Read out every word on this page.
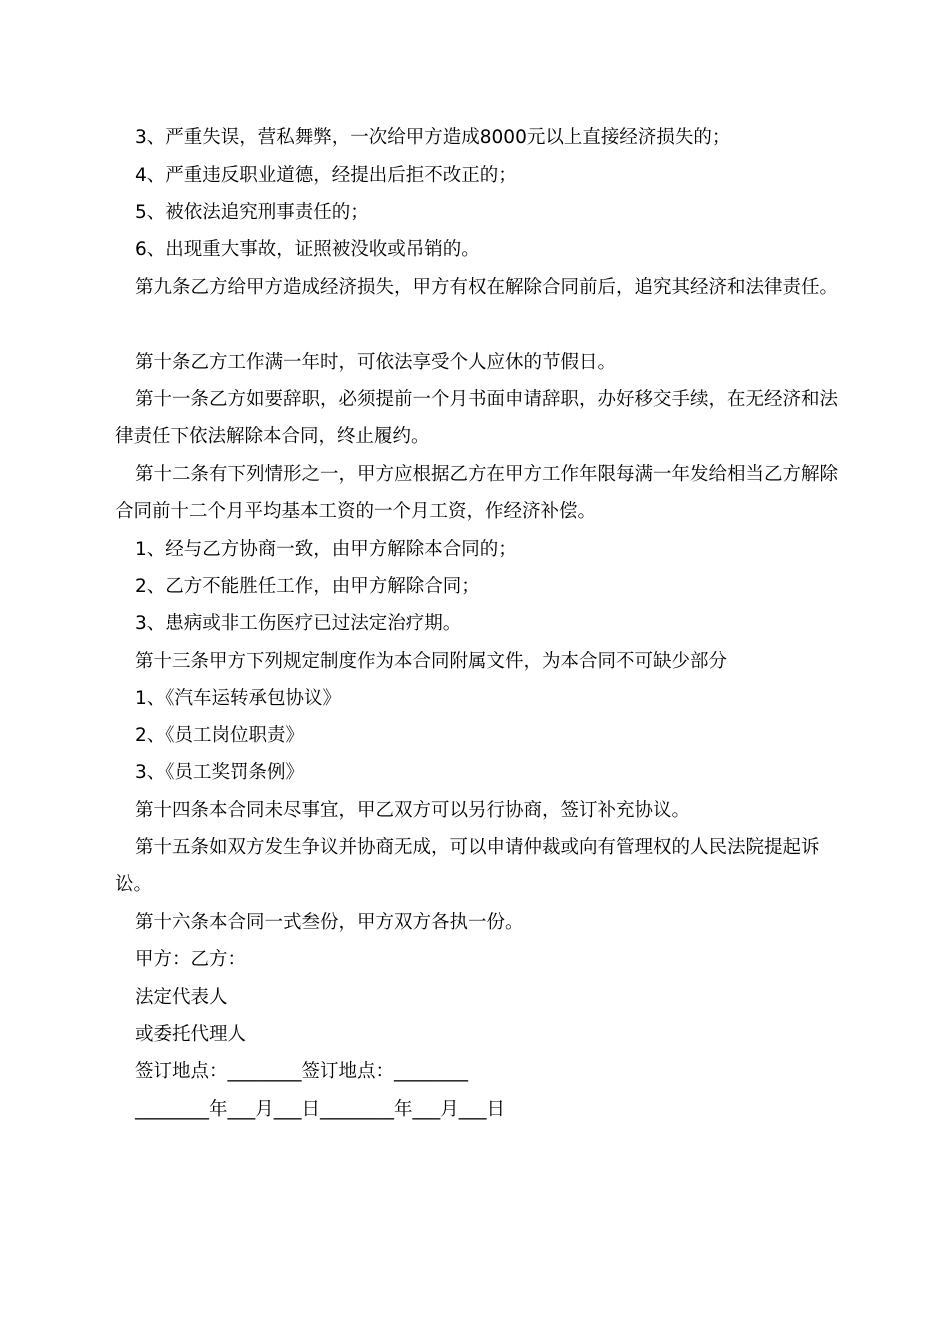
3、严重失误，营私舞弊，一次给甲方造成8000元以上直接经济损失的；
4、严重违反职业道德，经提出后拒不改正的；
5、被依法追究刑事责任的；
6、出现重大事故，证照被没收或吊销的。
第九条乙方给甲方造成经济损失，甲方有权在解除合同前后，追究其经济和法律责任。
第十条乙方工作满一年时，可依法享受个人应休的节假日。
第十一条乙方如要辞职，必须提前一个月书面申请辞职，办好移交手续，在无经济和法律责任下依法解除本合同，终止履约。
第十二条有下列情形之一，甲方应根据乙方在甲方工作年限每满一年发给相当乙方解除合同前十二个月平均基本工资的一个月工资，作经济补偿。
1、经与乙方协商一致，由甲方解除本合同的；
2、乙方不能胜任工作，由甲方解除合同；
3、患病或非工伤医疗已过法定治疗期。
第十三条甲方下列规定制度作为本合同附属文件，为本合同不可缺少部分
1、《汽车运转承包协议》
2、《员工岗位职责》
3、《员工奖罚条例》
第十四条本合同未尽事宜，甲乙双方可以另行协商，签订补充协议。
第十五条如双方发生争议并协商无成，可以申请仲裁或向有管理权的人民法院提起诉讼。
第十六条本合同一式叁份，甲方双方各执一份。
甲方：乙方：
法定代表人
或委托代理人
签订地点：________签订地点：________
________年___月___日________年___月___日
